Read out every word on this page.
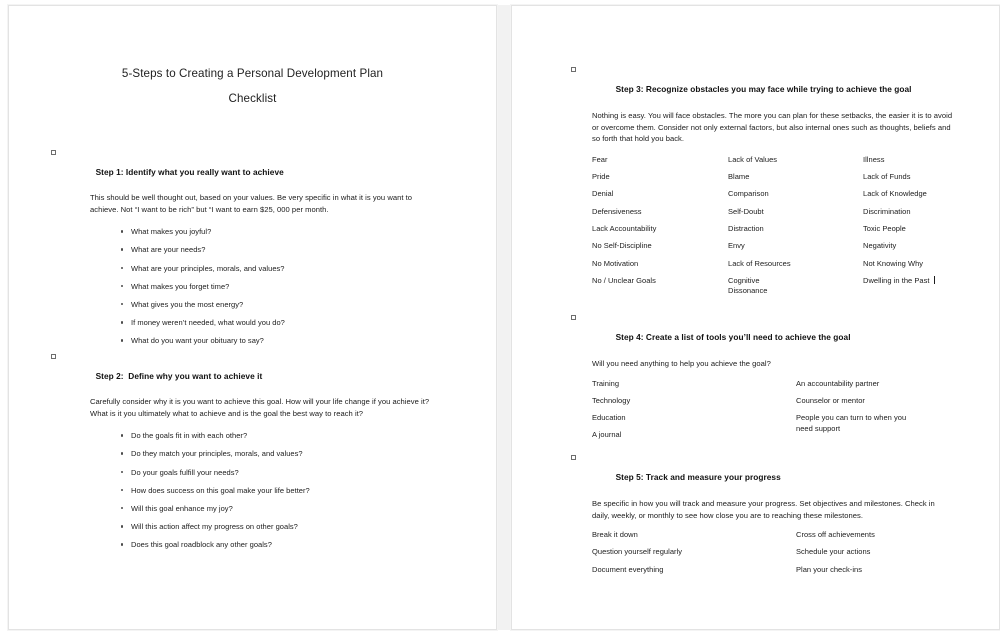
5-Steps to Creating a Personal Development Plan
Checklist

Step 1: Identify what you really want to achieve

This should be well thought out, based on your values. Be very specific in what it is you want to achieve. Not “I want to be rich” but “I want to earn $25, 000 per month.
What makes you joyful?
What are your needs?
What are your principles, morals, and values?
What makes you forget time?
What gives you the most energy?
If money weren’t needed, what would you do?
What do you want your obituary to say?

Step 2:  Define why you want to achieve it

Carefully consider why it is you want to achieve this goal. How will your life change if you achieve it? What is it you ultimately what to achieve and is the goal the best way to reach it?
Do the goals fit in with each other?
Do they match your principles, morals, and values?
Do your goals fulfill your needs?
How does success on this goal make your life better?
Will this goal enhance my joy?
Will this action affect my progress on other goals?
Does this goal roadblock any other goals?

Step 3: Recognize obstacles you may face while trying to achieve the goal

Nothing is easy. You will face obstacles. The more you can plan for these setbacks, the easier it is to avoid or overcome them. Consider not only external factors, but also internal ones such as thoughts, beliefs and so forth that hold you back.
Fear
Pride
Denial
Defensiveness
Lack Accountability
No Self-Discipline
No Motivation
No / Unclear Goals
Lack of Values
Blame
Comparison
Self-Doubt
Distraction
Envy
Lack of Resources
Cognitive Dissonance
Illness
Lack of Funds
Lack of Knowledge
Discrimination
Toxic People
Negativity
Not Knowing Why
Dwelling in the Past

Step 4: Create a list of tools you’ll need to achieve the goal

Will you need anything to help you achieve the goal?
Training
Technology
Education
A journal
An accountability partner
Counselor or mentor
People you can turn to when you need support

Step 5: Track and measure your progress

Be specific in how you will track and measure your progress. Set objectives and milestones. Check in daily, weekly, or monthly to see how close you are to reaching these milestones.
Break it down
Question yourself regularly
Document everything
Cross off achievements
Schedule your actions
Plan your check-ins
